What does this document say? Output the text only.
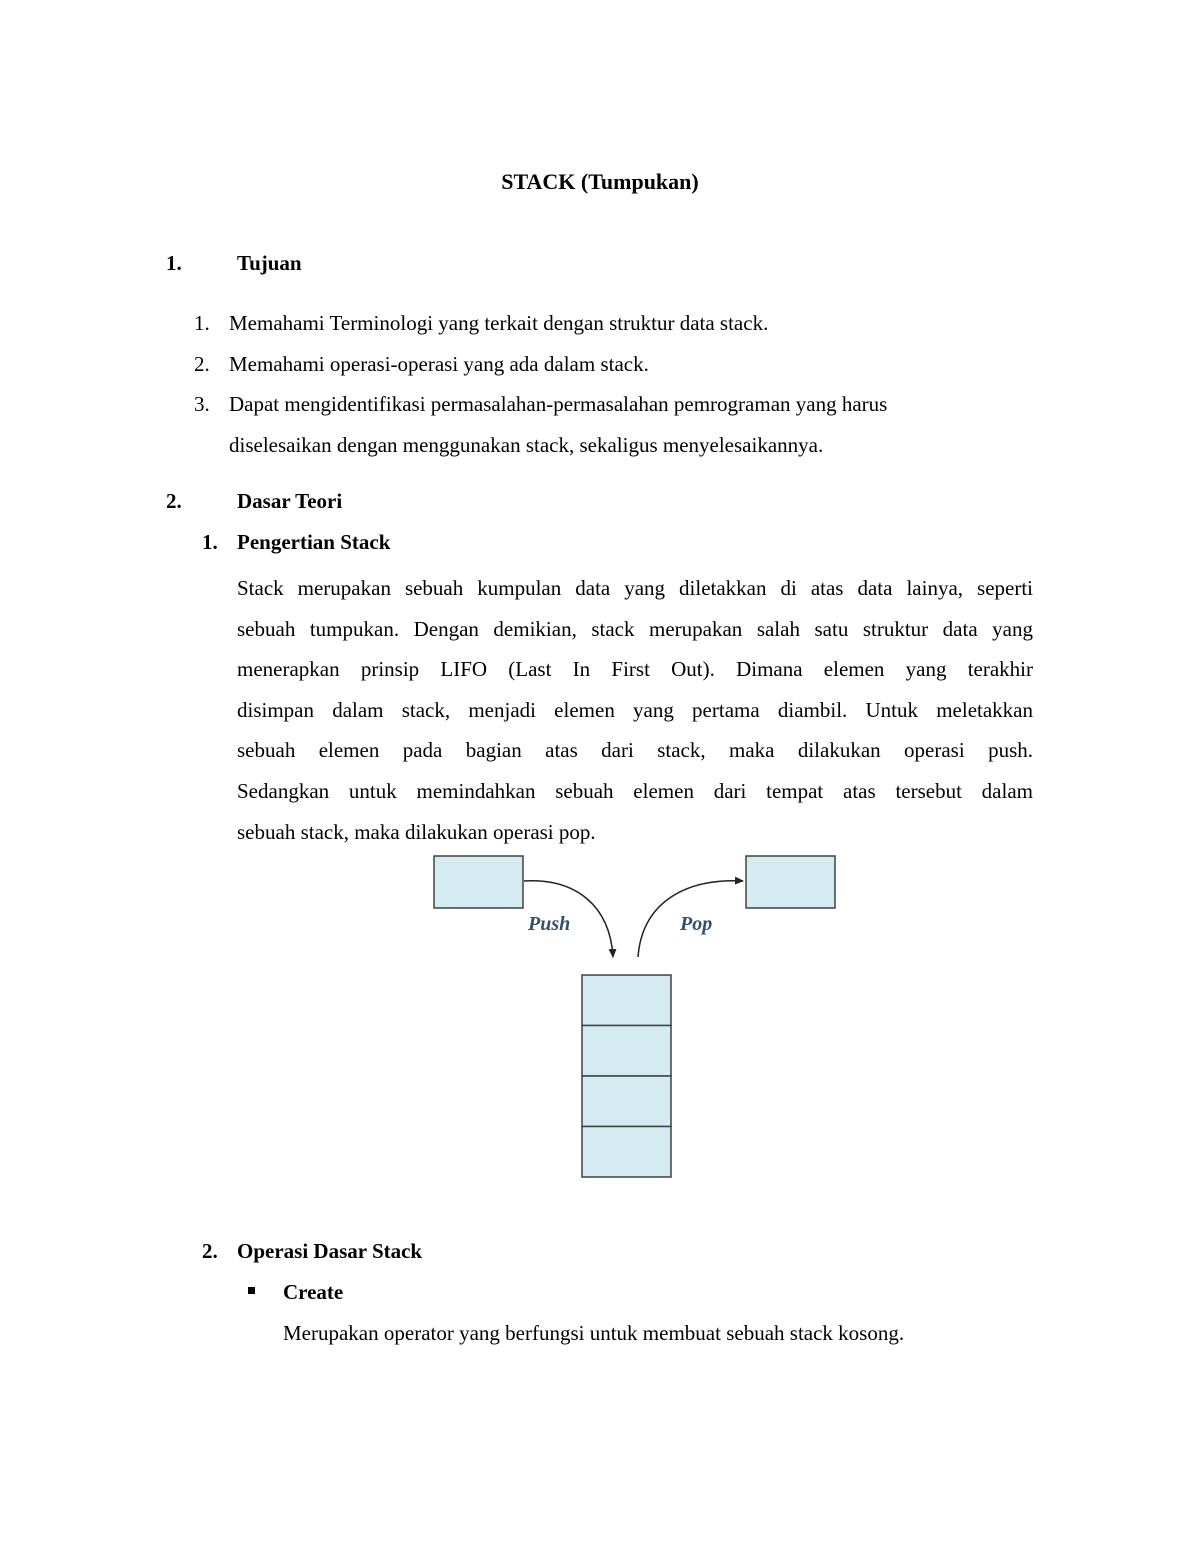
STACK (Tumpukan)
1.	Tujuan
1. Memahami Terminologi yang terkait dengan struktur data stack.
2. Memahami operasi-operasi yang ada dalam stack.
3. Dapat mengidentifikasi permasalahan-permasalahan pemrograman yang harus
diselesaikan dengan menggunakan stack, sekaligus menyelesaikannya.
2.	Dasar Teori
1. Pengertian Stack
Stack merupakan sebuah kumpulan data yang diletakkan di atas data lainya, seperti
sebuah tumpukan. Dengan demikian, stack merupakan salah satu struktur data yang
menerapkan prinsip LIFO (Last In First Out). Dimana elemen yang terakhir
disimpan dalam stack, menjadi elemen yang pertama diambil. Untuk meletakkan
sebuah elemen pada bagian atas dari stack, maka dilakukan operasi push.
Sedangkan untuk memindahkan sebuah elemen dari tempat atas tersebut dalam
sebuah stack, maka dilakukan operasi pop.
Push	Pop
2. Operasi Dasar Stack
Create
Merupakan operator yang berfungsi untuk membuat sebuah stack kosong.
